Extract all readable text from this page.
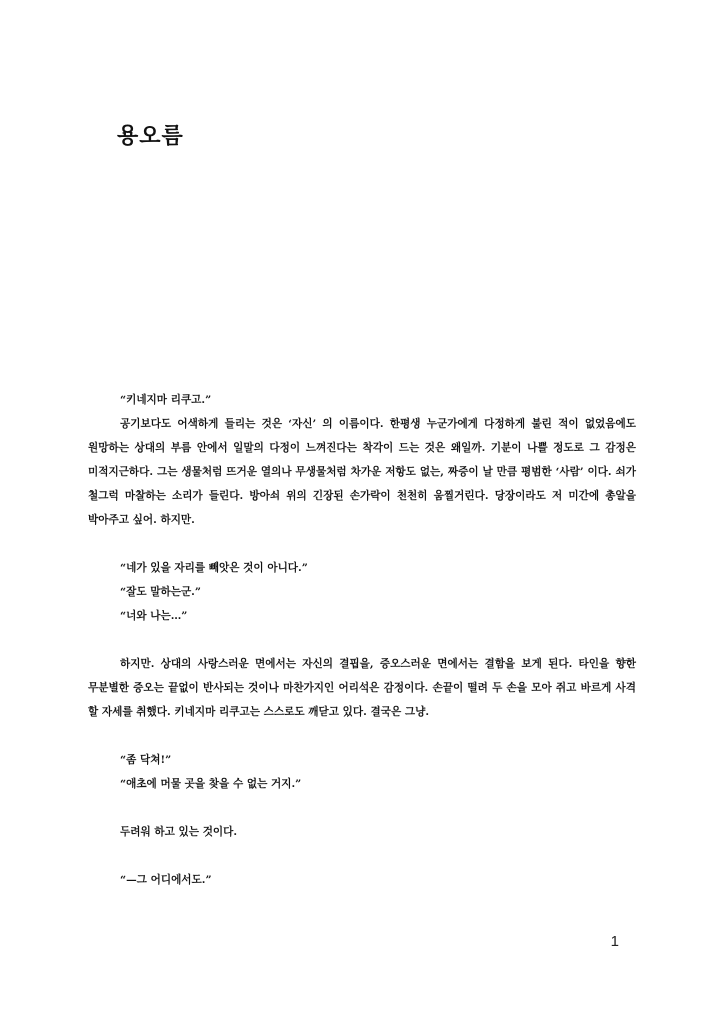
용오름

“키네지마 리쿠고.”

공기보다도 어색하게 들리는 것은 ‘자신’ 의 이름이다. 한평생 누군가에게 다정하게 불린 적이 없었음에도 원망하는 상대의 부름 안에서 일말의 다정이 느껴진다는 착각이 드는 것은 왜일까. 기분이 나쁠 정도로 그 감정은 미적지근하다. 그는 생물처럼 뜨거운 열의나 무생물처럼 차가운 저항도 없는, 짜증이 날 만큼 평범한 ‘사람’ 이다. 쇠가 철그럭 마찰하는 소리가 들린다. 방아쇠 위의 긴장된 손가락이 천천히 움찔거린다. 당장이라도 저 미간에 총알을 박아주고 싶어. 하지만.

“네가 있을 자리를 빼앗은 것이 아니다.”

“잘도 말하는군.”

“너와 나는…”

하지만. 상대의 사랑스러운 면에서는 자신의 결핍을, 증오스러운 면에서는 결함을 보게 된다. 타인을 향한 무분별한 증오는 끝없이 반사되는 것이나 마찬가지인 어리석은 감정이다. 손끝이 떨려 두 손을 모아 쥐고 바르게 사격 할 자세를 취했다. 키네지마 리쿠고는 스스로도 깨닫고 있다. 결국은 그냥.

“좀 닥쳐!”

“애초에 머물 곳을 찾을 수 없는 거지.”

두려워 하고 있는 것이다.

“—그 어디에서도.”

1
